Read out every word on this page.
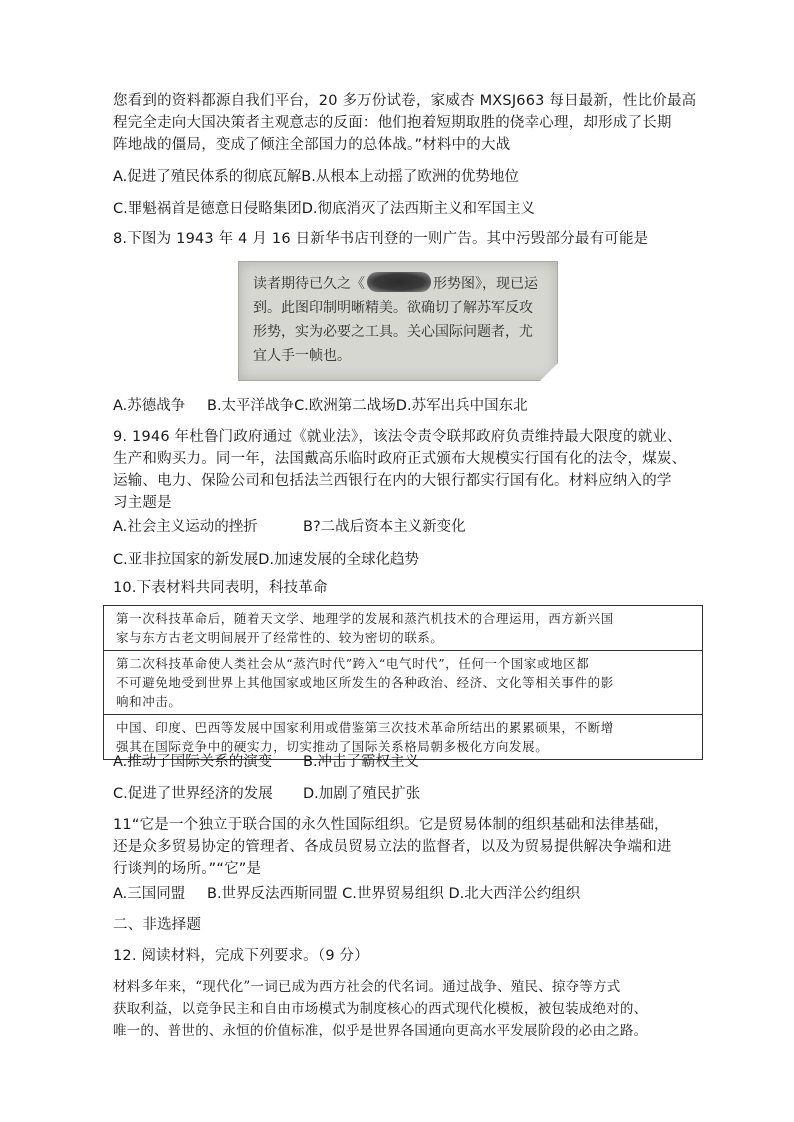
您看到的资料都源自我们平台，20 多万份试卷，家威杏 MXSJ663 每日最新，性比价最高
程完全走向大国决策者主观意志的反面：他们抱着短期取胜的侥幸心理，却形成了长期
阵地战的僵局，变成了倾注全部国力的总体战。”材料中的大战
A.促进了殖民体系的彻底瓦解B.从根本上动摇了欧洲的优势地位
C.罪魁祸首是德意日侵略集团D.彻底消灭了法西斯主义和军国主义
8.下图为 1943 年 4 月 16 日新华书店刊登的一则广告。其中污毁部分最有可能是
读者期待已久之《	形势图》，现已运
到。此图印制明晰精美。欲确切了解苏军反攻
形势，实为必要之工具。关心国际问题者，尤
宜人手一帧也。
A.苏德战争 B.太平洋战争C.欧洲第二战场D.苏军出兵中国东北
9. 1946 年杜鲁门政府通过《就业法》，该法令责令联邦政府负责维持最大限度的就业、
生产和购买力。同一年，法国戴高乐临时政府正式颁布大规模实行国有化的法令，煤炭、
运输、电力、保险公司和包括法兰西银行在内的大银行都实行国有化。材料应纳入的学
习主题是
A.社会主义运动的挫折	B?二战后资本主义新变化
C.亚非拉国家的新发展D.加速发展的全球化趋势
10.下表材料共同表明，科技革命
第一次科技革命后，随着天文学、地理学的发展和蒸汽机技术的合理运用，西方新兴国
家与东方古老文明间展开了经常性的、较为密切的联系。

第二次科技革命使人类社会从“蒸汽时代”跨入“电气时代”，任何一个国家或地区都
不可避免地受到世界上其他国家或地区所发生的各种政治、经济、文化等相关事件的影
响和冲击。

中国、印度、巴西等发展中国家利用或借鉴第三次技术革命所结出的累累硕果，不断增
强其在国际竞争中的硬实力，切实推动了国际关系格局朝多极化方向发展。
A.推动了国际关系的演变 B.冲击了霸权主义
C.促进了世界经济的发展 D.加剧了殖民扩张
11“它是一个独立于联合国的永久性国际组织。它是贸易体制的组织基础和法律基础，
还是众多贸易协定的管理者、各成员贸易立法的监督者，以及为贸易提供解决争端和进
行谈判的场所。”“它”是
A.三国同盟 B.世界反法西斯同盟 C.世界贸易组织 D.北大西洋公约组织
二、非选择题
12. 阅读材料，完成下列要求。（9 分）
材料多年来，“现代化”一词已成为西方社会的代名词。通过战争、殖民、掠夺等方式
获取利益，以竞争民主和自由市场模式为制度核心的西式现代化模板，被包装成绝对的、
唯一的、普世的、永恒的价值标准，似乎是世界各国通向更高水平发展阶段的必由之路。
